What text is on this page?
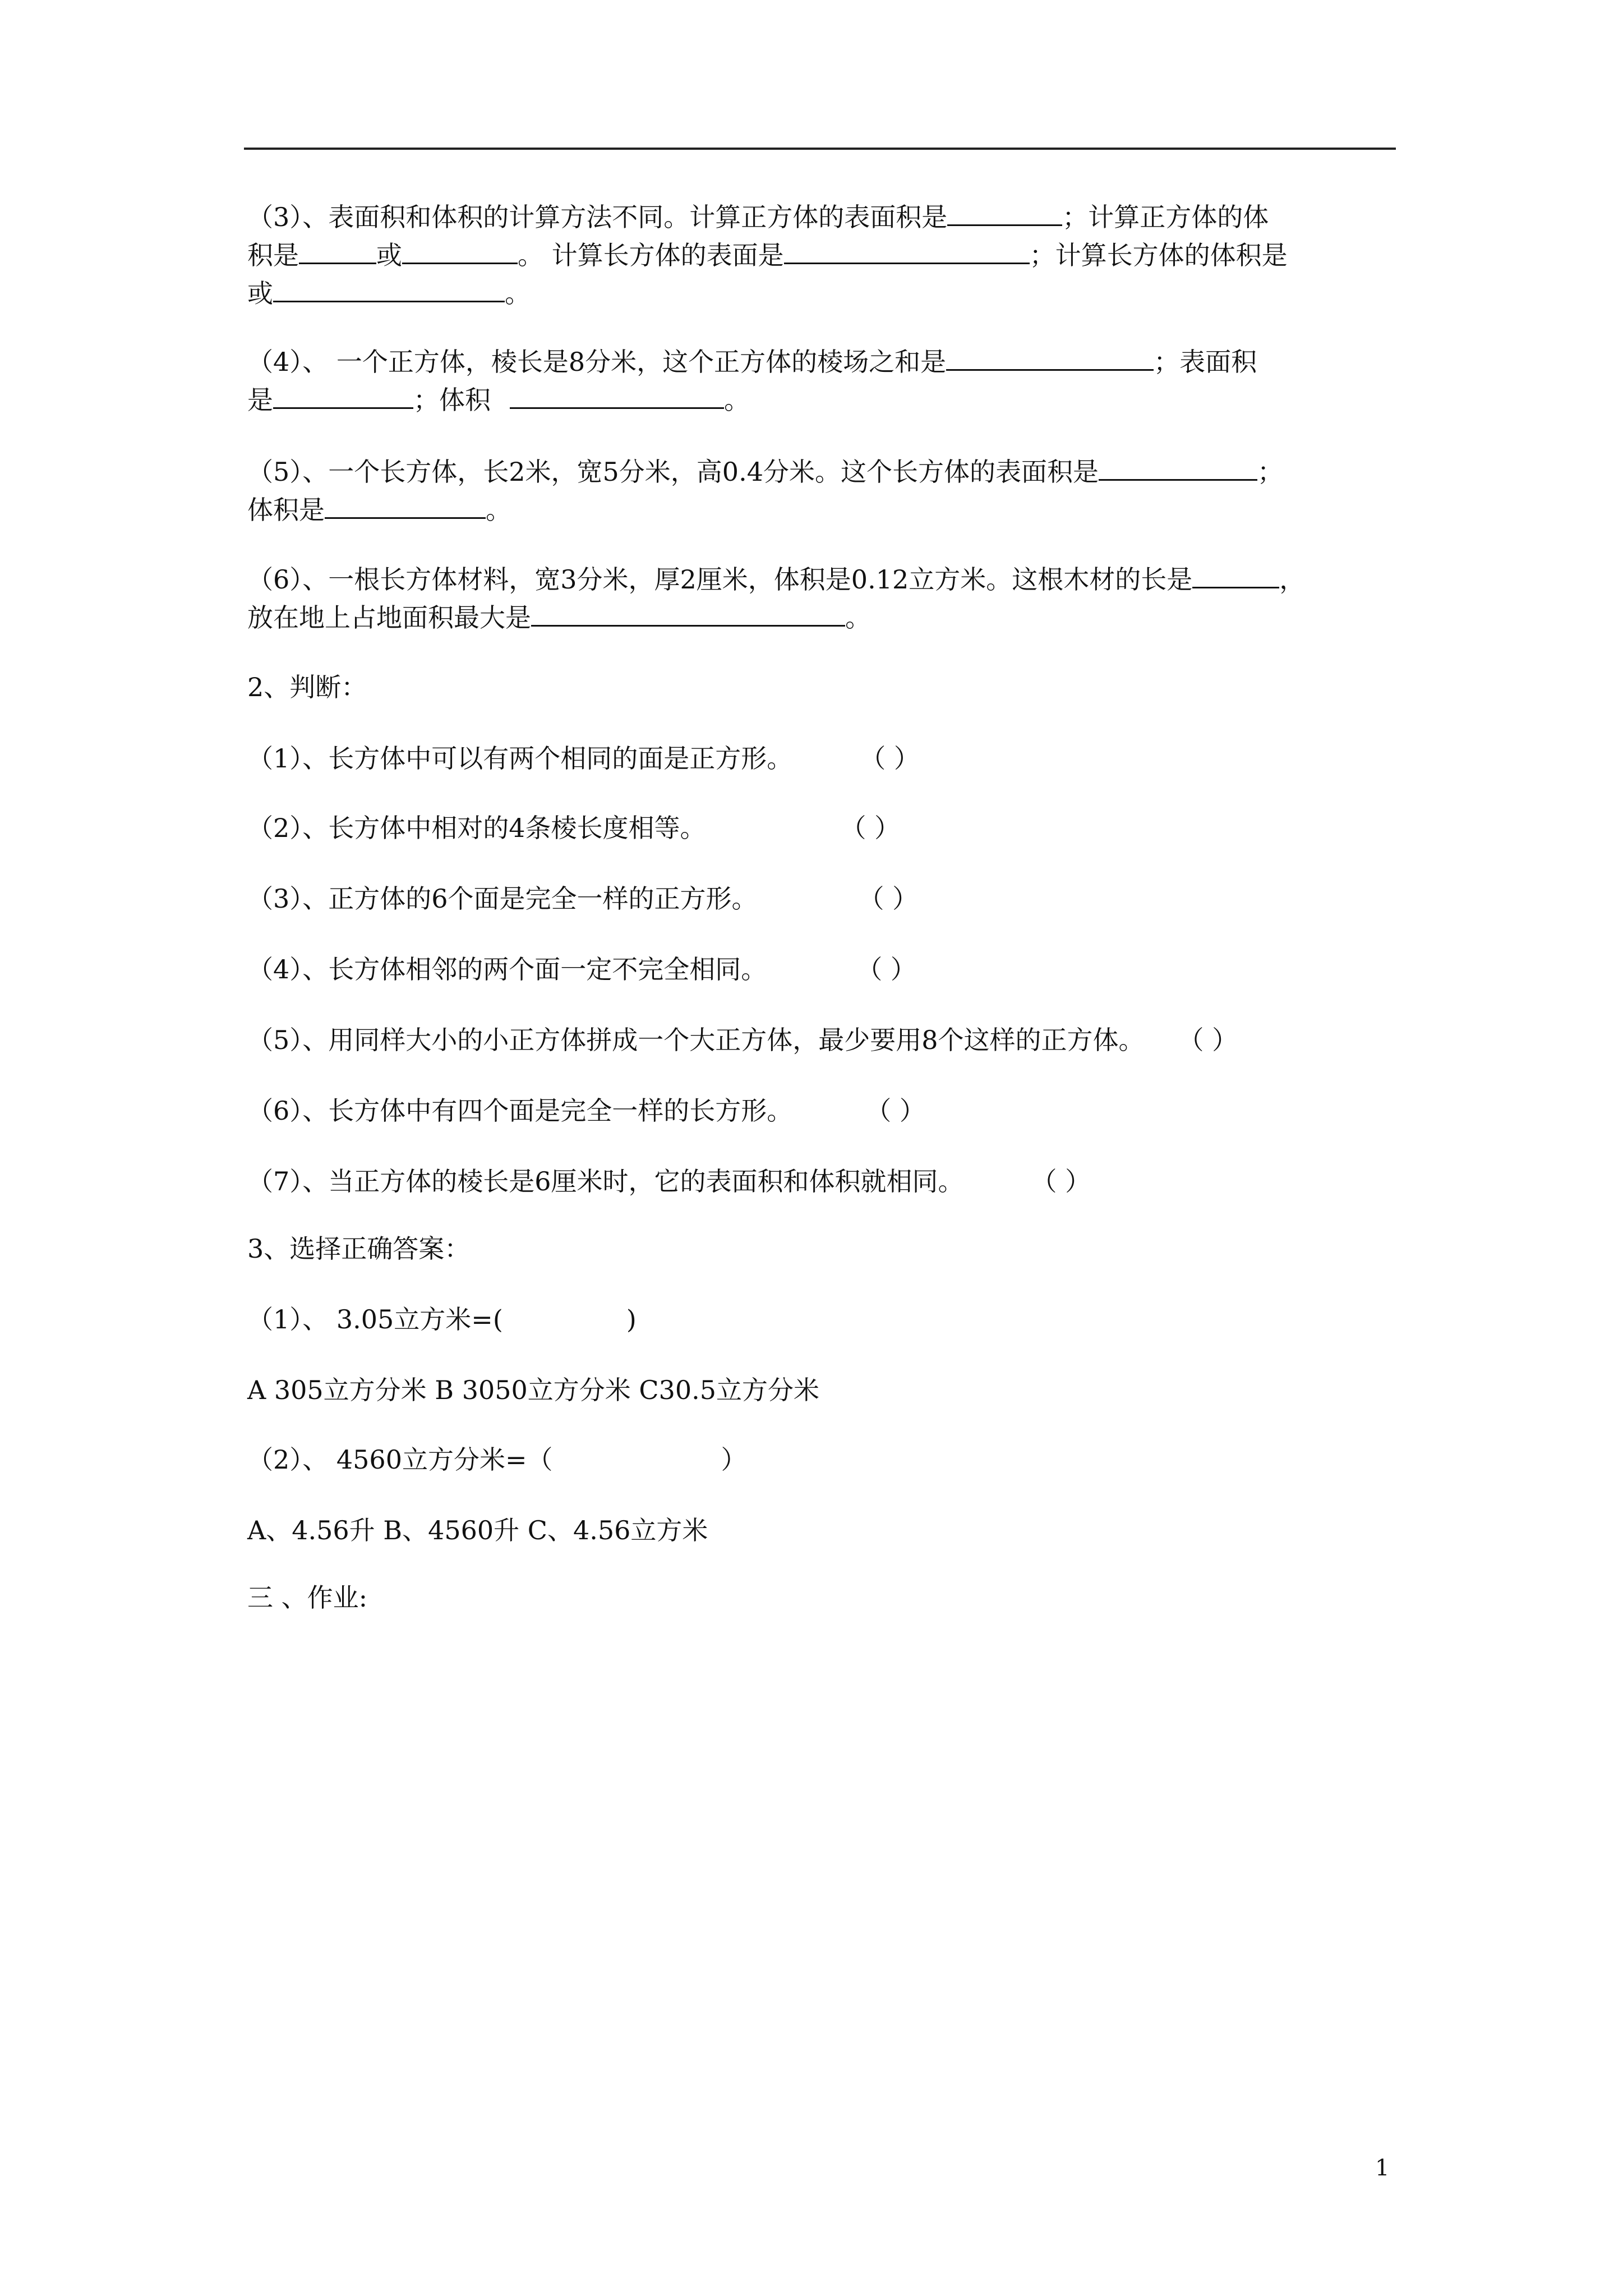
（3）、表面积和体积的计算方法不同。计算正方体的表面积是	；计算正方体的体
积是	或	。 计算长方体的表面是	；计算长方体的体积是
或	。
（4）、 一个正方体，棱长是8分米，这个正方体的棱场之和是	；表面积
是	；体积	。
（5）、一个长方体，长2米，宽5分米，高0.4分米。这个长方体的表面积是	；
体积是	。
（6）、一根长方体材料，宽3分米，厚2厘米，体积是0.12立方米。这根木材的长是	，
放在地上占地面积最大是	。
2、判断：
（1）、长方体中可以有两个相同的面是正方形。	（ ）
（2）、长方体中相对的4条棱长度相等。	（ ）
（3）、正方体的6个面是完全一样的正方形。	（ ）
（4）、长方体相邻的两个面一定不完全相同。	（ ）
（5）、用同样大小的小正方体拼成一个大正方体，最少要用8个这样的正方体。 （ ）
（6）、长方体中有四个面是完全一样的长方形。	（ ）
（7）、当正方体的棱长是6厘米时，它的表面积和体积就相同。	（ ）
3、选择正确答案：
（1）、 3.05立方米=(	)
A 305立方分米 B 3050立方分米 C30.5立方分米
（2）、 4560立方分米=（	）
A、4.56升 B、4560升 C、4.56立方米
三 、作业:
1
